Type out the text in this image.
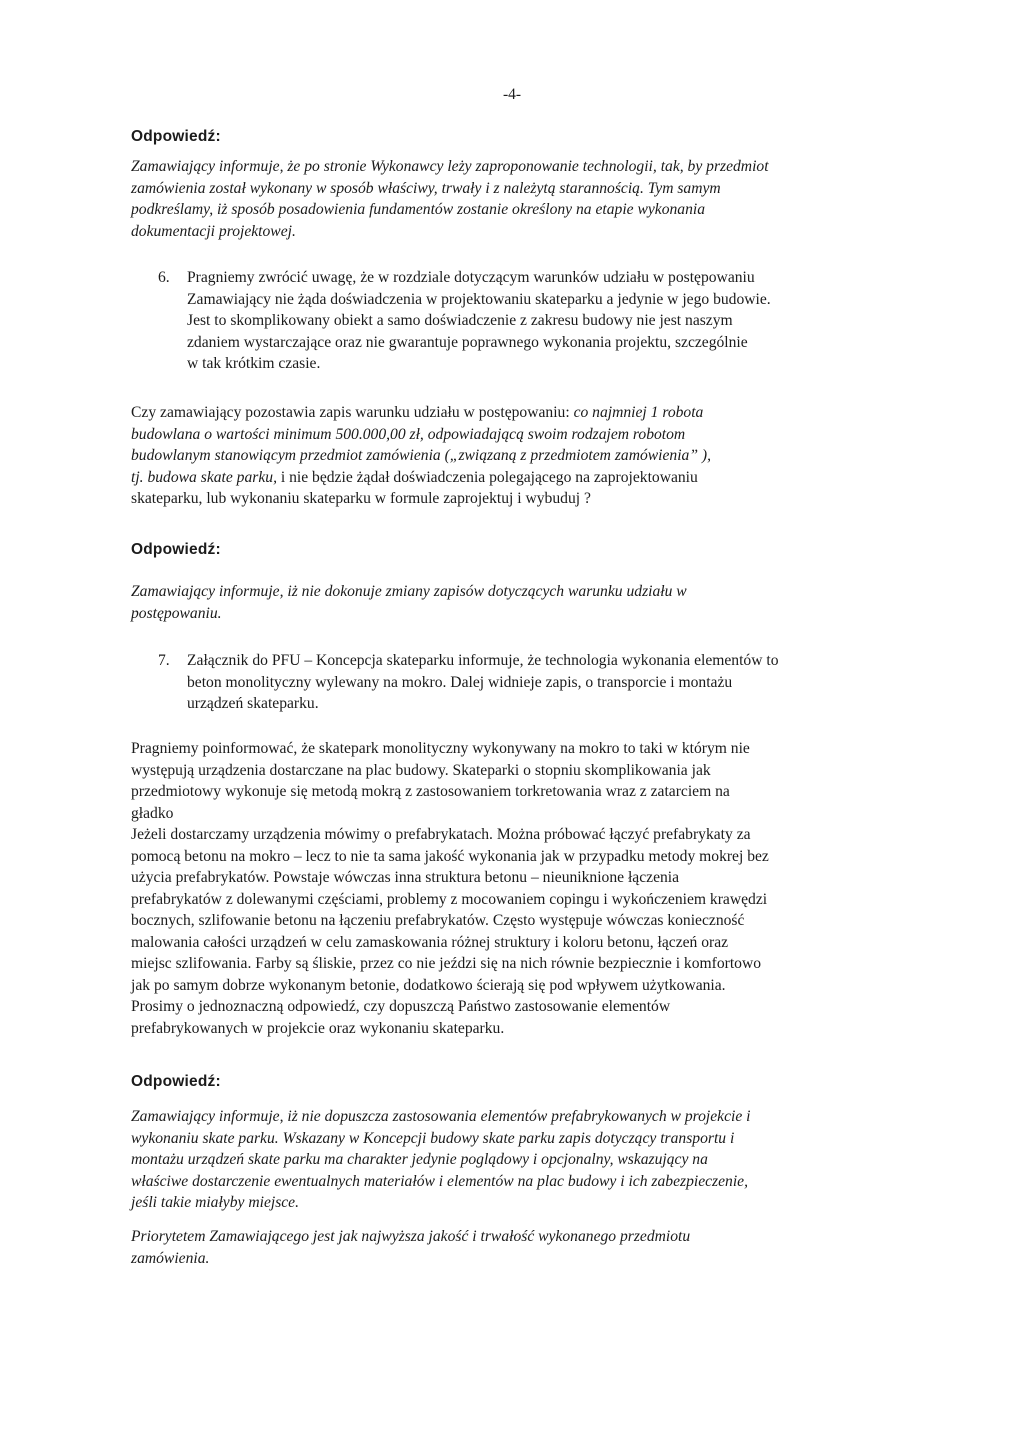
-4-
Odpowiedź:
Zamawiający informuje, że po stronie Wykonawcy leży zaproponowanie technologii, tak, by przedmiot
zamówienia został wykonany w sposób właściwy, trwały i z należytą starannością. Tym samym
podkreślamy, iż sposób posadowienia fundamentów zostanie określony na etapie wykonania
dokumentacji projektowej.
6. Pragniemy zwrócić uwagę, że w rozdziale dotyczącym warunków udziału w postępowaniu
Zamawiający nie żąda doświadczenia w projektowaniu skateparku a jedynie w jego budowie.
Jest to skomplikowany obiekt a samo doświadczenie z zakresu budowy nie jest naszym
zdaniem wystarczające oraz nie gwarantuje poprawnego wykonania projektu, szczególnie
w tak krótkim czasie.
Czy zamawiający pozostawia zapis warunku udziału w postępowaniu: co najmniej 1 robota
budowlana o wartości minimum 500.000,00 zł, odpowiadającą swoim rodzajem robotom
budowlanym stanowiącym przedmiot zamówienia („związaną z przedmiotem zamówienia” ),
tj. budowa skate parku, i nie będzie żądał doświadczenia polegającego na zaprojektowaniu
skateparku, lub wykonaniu skateparku w formule zaprojektuj i wybuduj ?
Odpowiedź:
Zamawiający informuje, iż nie dokonuje zmiany zapisów dotyczących warunku udziału w
postępowaniu.
7. Załącznik do PFU – Koncepcja skateparku informuje, że technologia wykonania elementów to
beton monolityczny wylewany na mokro. Dalej widnieje zapis, o transporcie i montażu
urządzeń skateparku.
Pragniemy poinformować, że skatepark monolityczny wykonywany na mokro to taki w którym nie
występują urządzenia dostarczane na plac budowy. Skateparki o stopniu skomplikowania jak
przedmiotowy wykonuje się metodą mokrą z zastosowaniem torkretowania wraz z zatarciem na
gładko
Jeżeli dostarczamy urządzenia mówimy o prefabrykatach. Można próbować łączyć prefabrykaty za
pomocą betonu na mokro – lecz to nie ta sama jakość wykonania jak w przypadku metody mokrej bez
użycia prefabrykatów. Powstaje wówczas inna struktura betonu – nieuniknione łączenia
prefabrykatów z dolewanymi częściami, problemy z mocowaniem copingu i wykończeniem krawędzi
bocznych, szlifowanie betonu na łączeniu prefabrykatów. Często występuje wówczas konieczność
malowania całości urządzeń w celu zamaskowania różnej struktury i koloru betonu, łączeń oraz
miejsc szlifowania. Farby są śliskie, przez co nie jeździ się na nich równie bezpiecznie i komfortowo
jak po samym dobrze wykonanym betonie, dodatkowo ścierają się pod wpływem użytkowania.
Prosimy o jednoznaczną odpowiedź, czy dopuszczą Państwo zastosowanie elementów
prefabrykowanych w projekcie oraz wykonaniu skateparku.
Odpowiedź:
Zamawiający informuje, iż nie dopuszcza zastosowania elementów prefabrykowanych w projekcie i
wykonaniu skate parku. Wskazany w Koncepcji budowy skate parku zapis dotyczący transportu i
montażu urządzeń skate parku ma charakter jedynie poglądowy i opcjonalny, wskazujący na
właściwe dostarczenie ewentualnych materiałów i elementów na plac budowy i ich zabezpieczenie,
jeśli takie miałyby miejsce.
Priorytetem Zamawiającego jest jak najwyższa jakość i trwałość wykonanego przedmiotu
zamówienia.
